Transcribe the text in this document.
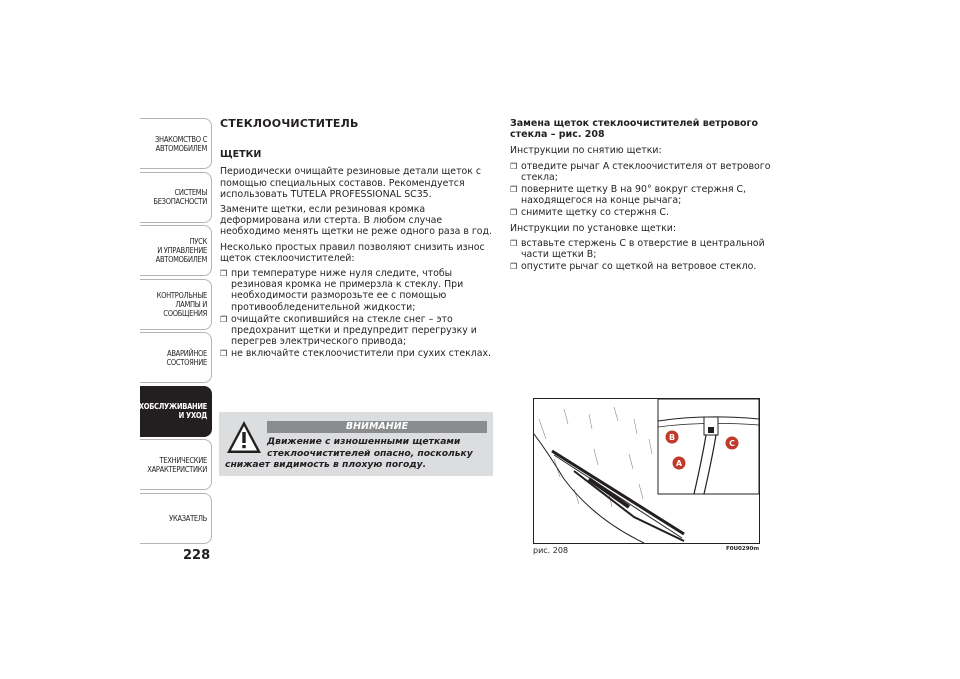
ЗНАКОМСТВО С
АВТОМОБИЛЕМ
СИСТЕМЫ
БЕЗОПАСНОСТИ
ПУСК
И УПРАВЛЕНИЕ
АВТОМОБИЛЕМ
КОНТРОЛЬНЫЕ
ЛАМПЫ И
СООБЩЕНИЯ
АВАРИЙНОЕ
СОСТОЯНИЕ
ТЕХОБСЛУЖИВАНИЕ
И УХОД
ТЕХНИЧЕСКИЕ
ХАРАКТЕРИСТИКИ
УКАЗАТЕЛЬ
228
СТЕКЛООЧИСТИТЕЛЬ
ЩЕТКИ

Периодически очищайте резиновые детали щеток с помощью специальных составов. Рекомендуется использовать TUTELA PROFESSIONAL SC35.

Замените щетки, если резиновая кромка деформирована или стерта. В любом случае необходимо менять щетки не реже одного раза в год.

Несколько простых правил позволяют снизить износ щеток стеклоочистителей:

❒ при температуре ниже нуля следите, чтобы резиновая кромка не примерзла к стеклу. При необходимости разморозьте ее с помощью противообледенительной жидкости;
❒ очищайте скопившийся на стекле снег – это предохранит щетки и предупредит перегрузку и перегрев электрического привода;
❒ не включайте стеклоочистители при сухих стеклах.
ВНИМАНИЕ
Движение с изношенными щетками
стеклоочистителей опасно, поскольку
снижает видимость в плохую погоду.
Замена щеток стеклоочистителей ветрового стекла – рис. 208

Инструкции по снятию щетки:

❒ отведите рычаг A стеклоочистителя от ветрового стекла;
❒ поверните щетку B на 90° вокруг стержня C, находящегося на конце рычага;
❒ снимите щетку со стержня C.

Инструкции по установке щетки:

❒ вставьте стержень C в отверстие в центральной части щетки B;
❒ опустите рычаг со щеткой на ветровое стекло.
B
C
A
рис. 208	F0U0290m
